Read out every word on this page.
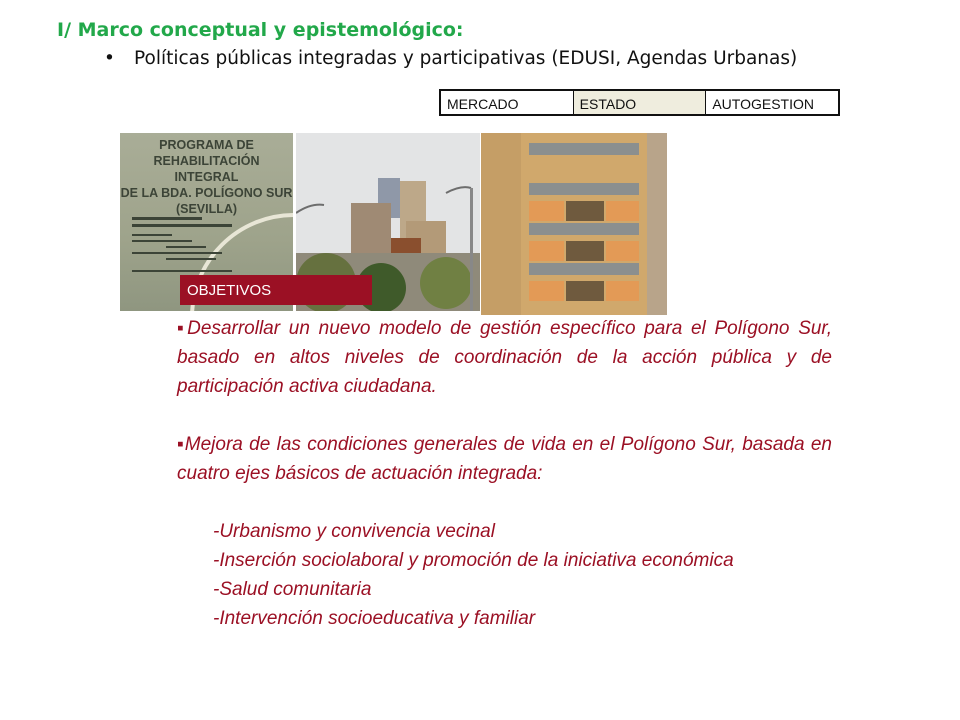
I/ Marco conceptual y epistemológico:
• Políticas públicas integradas y participativas (EDUSI, Agendas Urbanas)
MERCADO	ESTADO	AUTOGESTION
PROGRAMA DE
REHABILITACIÓN INTEGRAL
DE LA BDA. POLÍGONO SUR
(SEVILLA)
OBJETIVOS

▪Desarrollar un nuevo modelo de gestión específico para el Polígono Sur, basado en altos niveles de coordinación de la acción pública y de participación activa ciudadana.

▪Mejora de las condiciones generales de vida en el Polígono Sur, basada en cuatro ejes básicos de actuación integrada:

-Urbanismo y convivencia vecinal
-Inserción sociolaboral y promoción de la iniciativa económica
-Salud comunitaria
-Intervención socioeducativa y familiar
